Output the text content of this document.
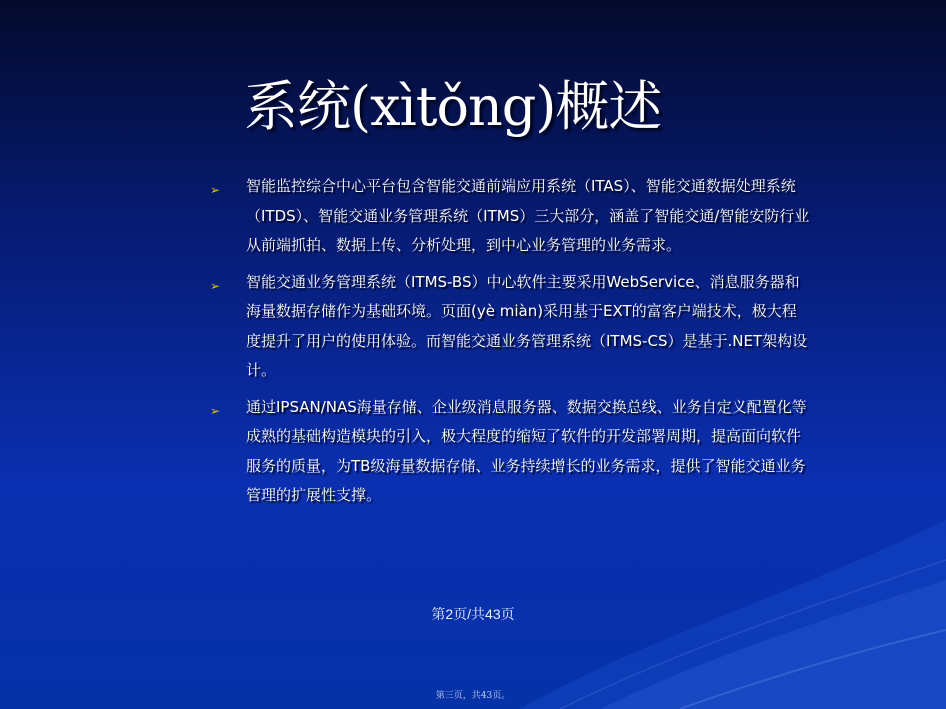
系统(xìtǒng)概述
➢ 智能监控综合中心平台包含智能交通前端应用系统（ITAS）、智能交通数据处理系统（ITDS）、智能交通业务管理系统（ITMS）三大部分，涵盖了智能交通/智能安防行业从前端抓拍、数据上传、分析处理，到中心业务管理的业务需求。
➢ 智能交通业务管理系统（ITMS-BS）中心软件主要采用WebService、消息服务器和海量数据存储作为基础环境。页面(yè miàn)采用基于EXT的富客户端技术，极大程度提升了用户的使用体验。而智能交通业务管理系统（ITMS-CS）是基于.NET架构设计。
➢ 通过IPSAN/NAS海量存储、企业级消息服务器、数据交换总线、业务自定义配置化等成熟的基础构造模块的引入，极大程度的缩短了软件的开发部署周期，提高面向软件服务的质量，为TB级海量数据存储、业务持续增长的业务需求，提供了智能交通业务管理的扩展性支撑。
第2页/共43页
第三页，共43页。
